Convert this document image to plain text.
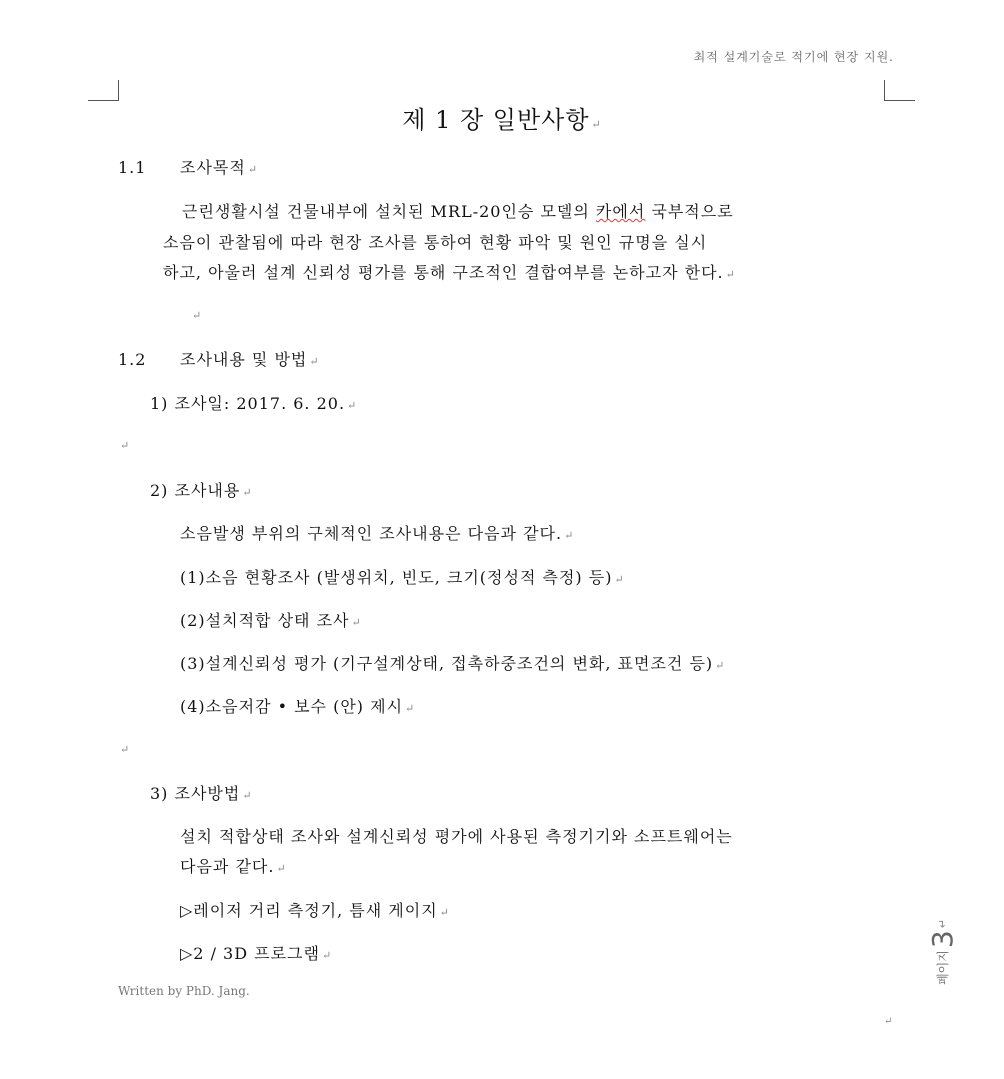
최적 설계기술로 적기에 현장 지원.
제 1 장 일반사항 ↵
1.1 조사목적 ↵
근린생활시설 건물내부에 설치된 MRL-20인승 모델의 카에서 국부적으로
소음이 관찰됨에 따라 현장 조사를 통하여 현황 파악 및 원인 규명을 실시
하고, 아울러 설계 신뢰성 평가를 통해 구조적인 결합여부를 논하고자 한다. ↵
↵
1.2 조사내용 및 방법 ↵
1) 조사일: 2017. 6. 20. ↵
↵
2) 조사내용 ↵
소음발생 부위의 구체적인 조사내용은 다음과 같다. ↵
(1)소음 현황조사 (발생위치, 빈도, 크기(정성적 측정) 등) ↵
(2)설치적합 상태 조사 ↵
(3)설계신뢰성 평가 (기구설계상태, 접촉하중조건의 변화, 표면조건 등) ↵
(4)소음저감 • 보수 (안) 제시 ↵
↵
3) 조사방법 ↵
설치 적합상태 조사와 설계신뢰성 평가에 사용된 측정기기와 소프트웨어는
다음과 같다. ↵
▷레이저 거리 측정기, 틈새 게이지 ↵
▷2 / 3D 프로그램 ↵
Written by PhD. Jang.
페이지
3
↵
↵
